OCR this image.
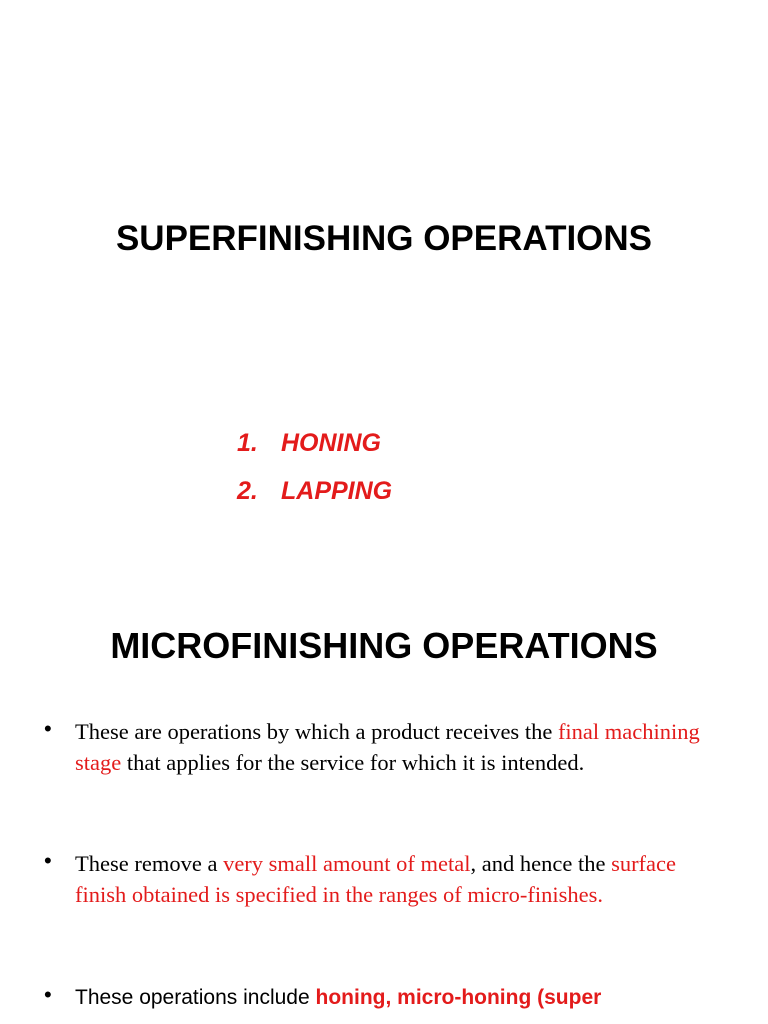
SUPERFINISHING OPERATIONS
1. HONING
2. LAPPING
MICROFINISHING OPERATIONS
• These are operations by which a product receives the final machining stage that applies for the service for which it is intended.
• These remove a very small amount of metal, and hence the surface finish obtained is specified in the ranges of micro-finishes.
• These operations include honing, micro-honing (super
